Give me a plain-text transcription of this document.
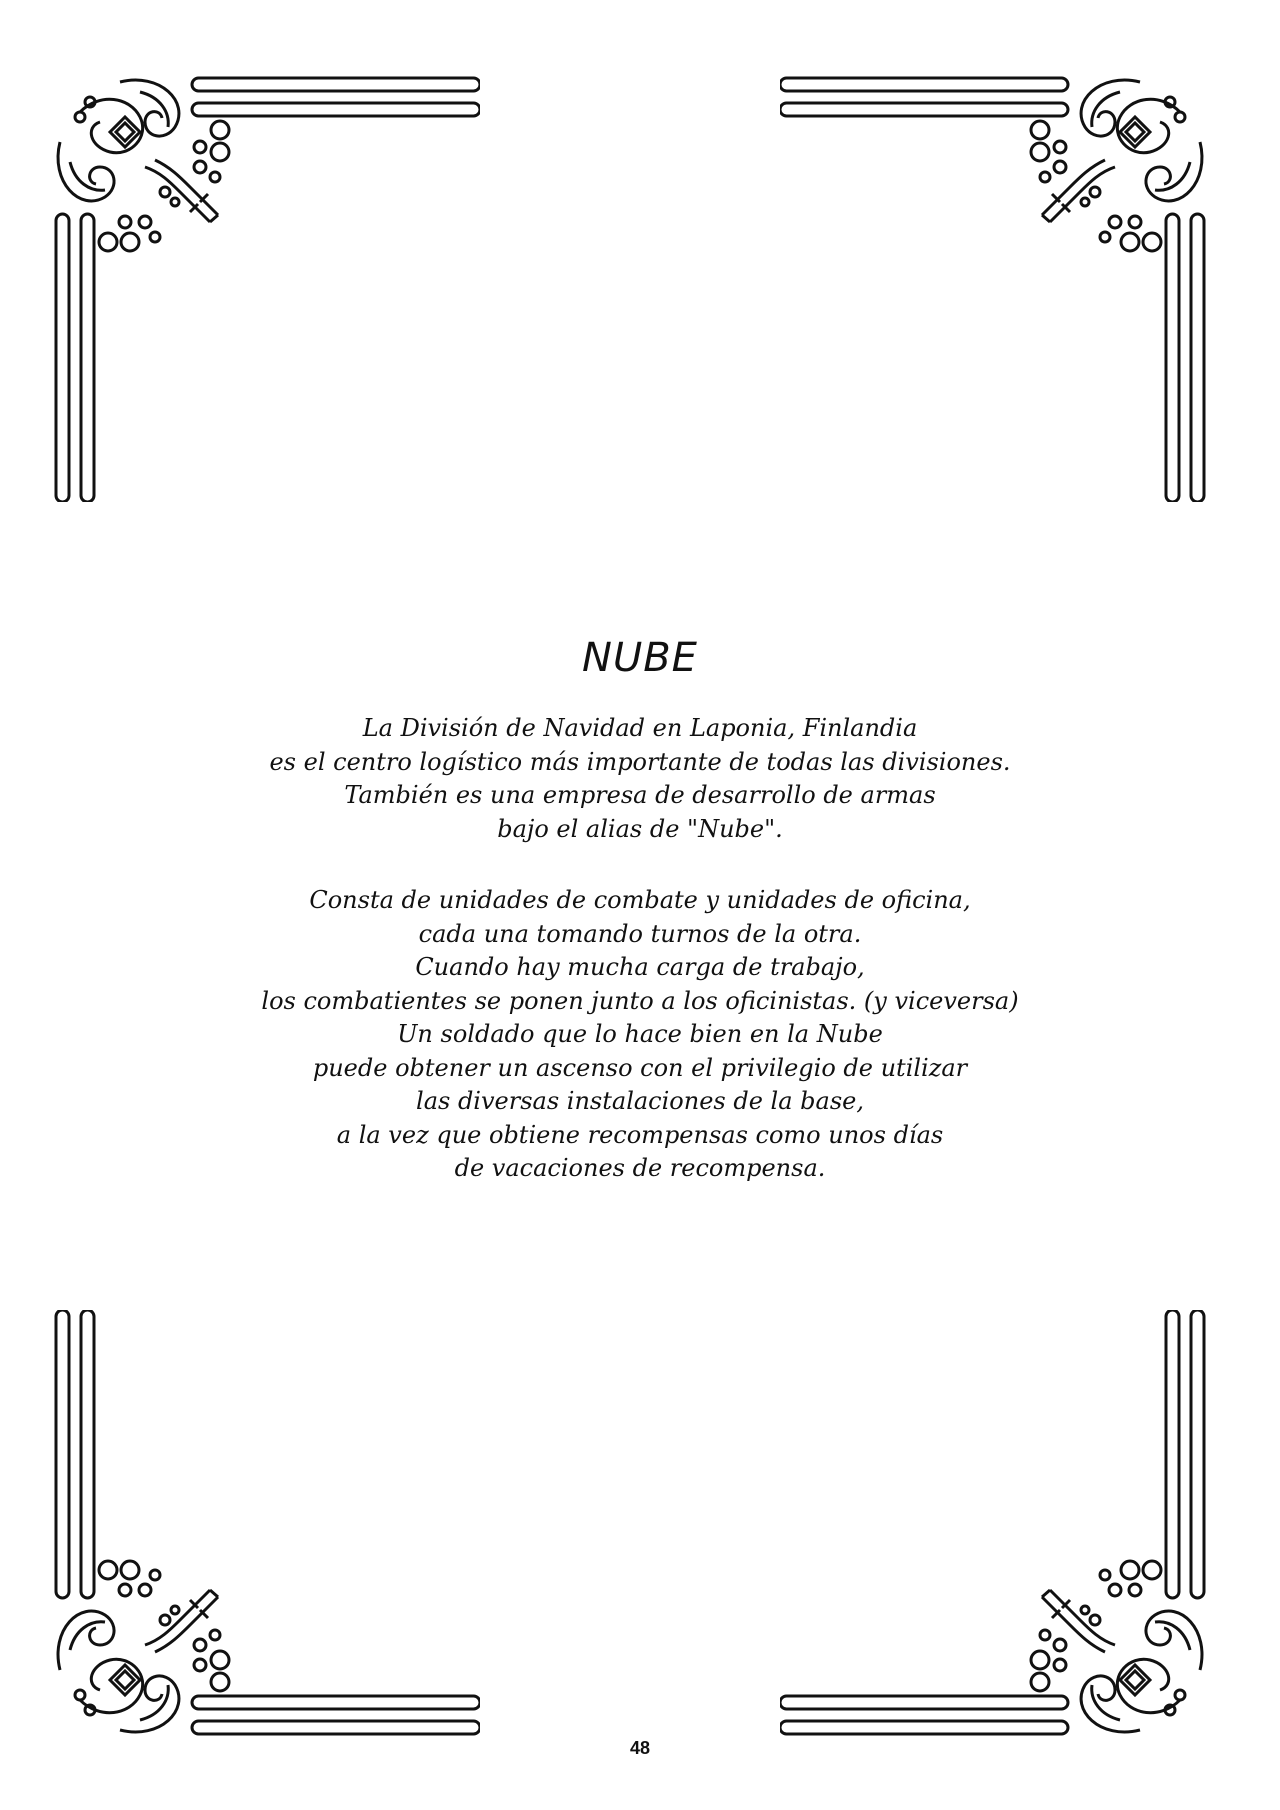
NUBE
La División de Navidad en Laponia, Finlandia
es el centro logístico más importante de todas las divisiones.
También es una empresa de desarrollo de armas
bajo el alias de "Nube".
Consta de unidades de combate y unidades de oficina,
cada una tomando turnos de la otra.
Cuando hay mucha carga de trabajo,
los combatientes se ponen junto a los oficinistas. (y viceversa)
Un soldado que lo hace bien en la Nube
puede obtener un ascenso con el privilegio de utilizar
las diversas instalaciones de la base,
a la vez que obtiene recompensas como unos días
de vacaciones de recompensa.
48
